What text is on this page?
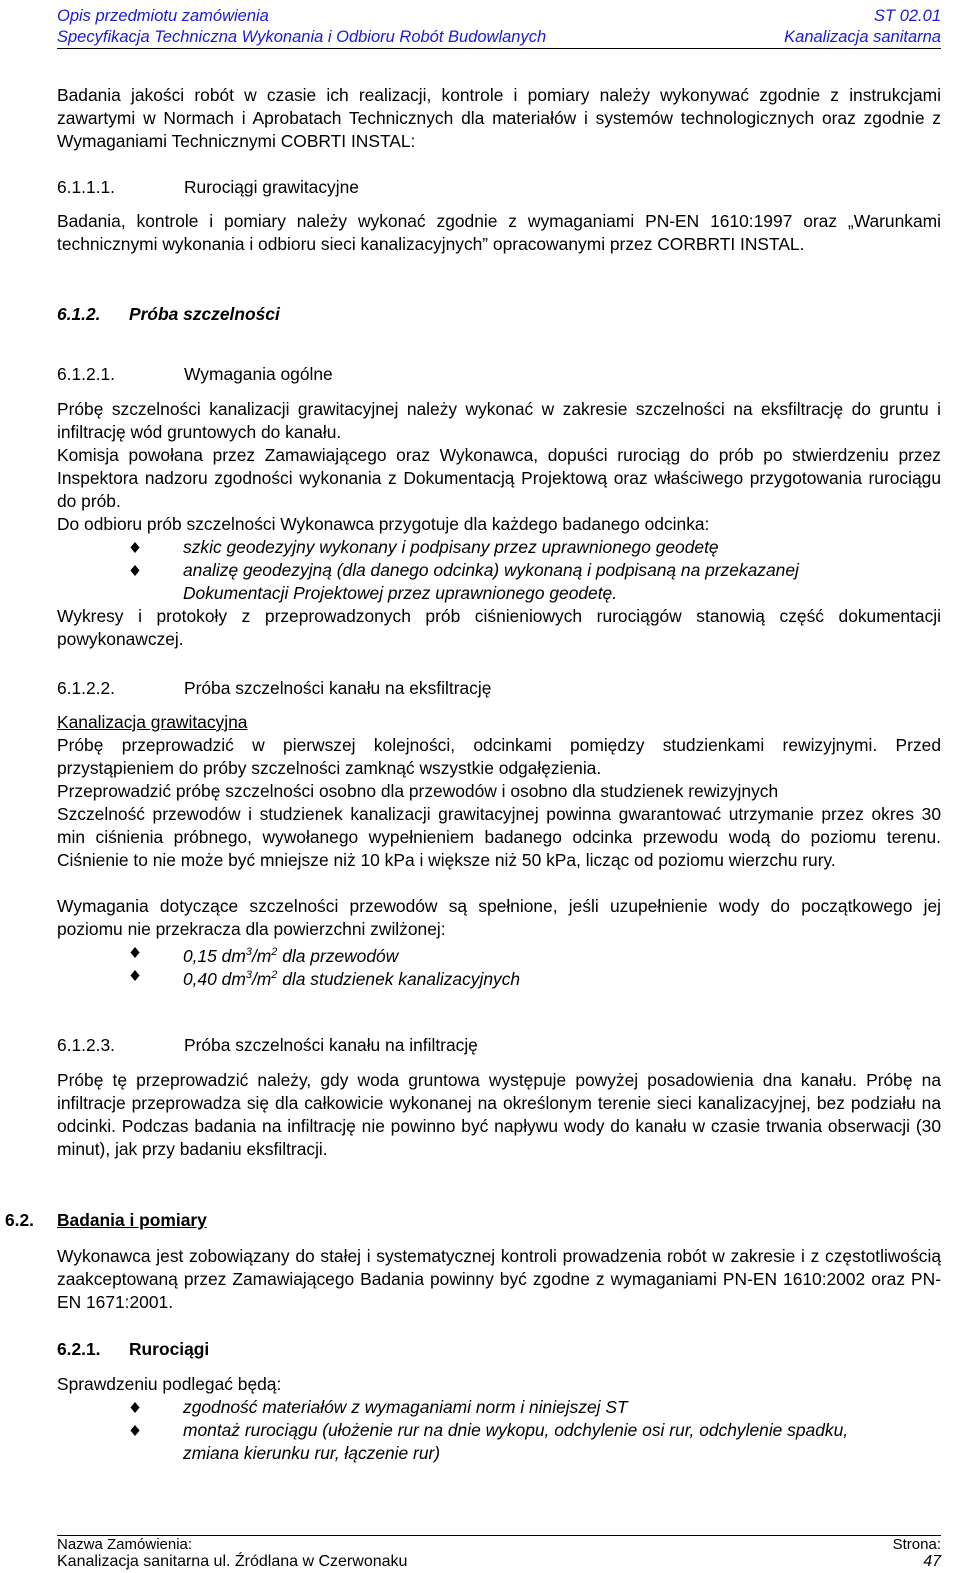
Opis przedmiotu zamówienia	ST 02.01
Specyfikacja Techniczna Wykonania i Odbioru Robót Budowlanych	Kanalizacja sanitarna

Badania jakości robót w czasie ich realizacji, kontrole i pomiary należy wykonywać zgodnie z instrukcjami zawartymi w Normach i Aprobatach Technicznych dla materiałów i systemów technologicznych oraz zgodnie z Wymaganiami Technicznymi COBRTI INSTAL:

6.1.1.1.	Rurociągi grawitacyjne

Badania, kontrole i pomiary należy wykonać zgodnie z wymaganiami PN-EN 1610:1997 oraz „Warunkami technicznymi wykonania i odbioru sieci kanalizacyjnych” opracowanymi przez CORBRTI INSTAL.

6.1.2. Próba szczelności
6.1.2.1.	Wymagania ogólne

Próbę szczelności kanalizacji grawitacyjnej należy wykonać w zakresie szczelności na eksfiltrację do gruntu i infiltrację wód gruntowych do kanału.

Komisja powołana przez Zamawiającego oraz Wykonawca, dopuści rurociąg do prób po stwierdzeniu przez Inspektora nadzoru zgodności wykonania z Dokumentacją Projektową oraz właściwego przygotowania rurociągu do prób.

Do odbioru prób szczelności Wykonawca przygotuje dla każdego badanego odcinka:

szkic geodezyjny wykonany i podpisany przez uprawnionego geodetę
analizę geodezyjną (dla danego odcinka) wykonaną i podpisaną na przekazanej Dokumentacji Projektowej przez uprawnionego geodetę.

Wykresy i protokoły z przeprowadzonych prób ciśnieniowych rurociągów stanowią część dokumentacji powykonawczej.

6.1.2.2.	Próba szczelności kanału na eksfiltrację
Kanalizacja grawitacyjna

Próbę przeprowadzić w pierwszej kolejności, odcinkami pomiędzy studzienkami rewizyjnymi. Przed przystąpieniem do próby szczelności zamknąć wszystkie odgałęzienia.

Przeprowadzić próbę szczelności osobno dla przewodów i osobno dla studzienek rewizyjnych

Szczelność przewodów i studzienek kanalizacji grawitacyjnej powinna gwarantować utrzymanie przez okres 30 min ciśnienia próbnego, wywołanego wypełnieniem badanego odcinka przewodu wodą do poziomu terenu. Ciśnienie to nie może być mniejsze niż 10 kPa i większe niż 50 kPa, licząc od poziomu wierzchu rury.

Wymagania dotyczące szczelności przewodów są spełnione, jeśli uzupełnienie wody do początkowego jej poziomu nie przekracza dla powierzchni zwilżonej:

0,15 $dm^3/m^2$ dla przewodów
0,40 $dm^3/m^2$ dla studzienek kanalizacyjnych
6.1.2.3.	Próba szczelności kanału na infiltrację

Próbę tę przeprowadzić należy, gdy woda gruntowa występuje powyżej posadowienia dna kanału. Próbę na infiltracje przeprowadza się dla całkowicie wykonanej na określonym terenie sieci kanalizacyjnej, bez podziału na odcinki. Podczas badania na infiltrację nie powinno być napływu wody do kanału w czasie trwania obserwacji (30 minut), jak przy badaniu eksfiltracji.

6.2. Badania i pomiary

Wykonawca jest zobowiązany do stałej i systematycznej kontroli prowadzenia robót w zakresie i z częstotliwością zaakceptowaną przez Zamawiającego Badania powinny być zgodne z wymaganiami PN-EN 1610:2002 oraz PN-EN 1671:2001.

6.2.1. Rurociągi

Sprawdzeniu podlegać będą:

zgodność materiałów z wymaganiami norm i niniejszej ST
montaż rurociągu (ułożenie rur na dnie wykopu, odchylenie osi rur, odchylenie spadku, zmiana kierunku rur, łączenie rur)
Nazwa Zamówienia:	Strona:
Kanalizacja sanitarna ul. Źródlana w Czerwonaku	47
